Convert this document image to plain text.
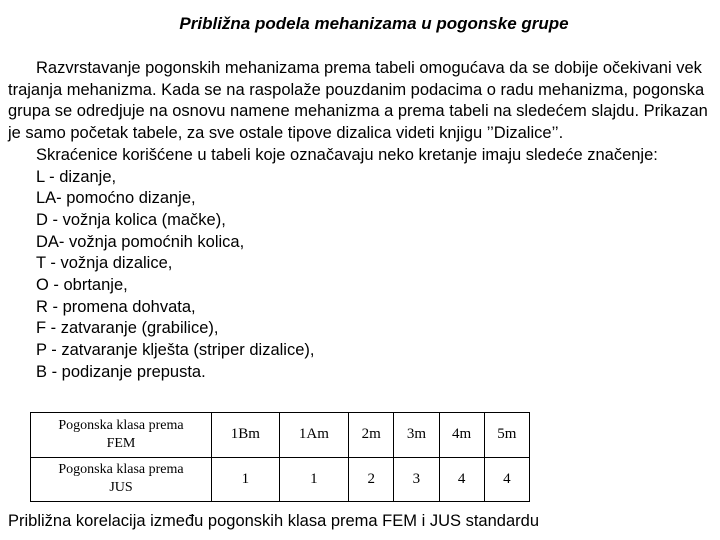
Približna podela mehanizama u pogonske grupe

Razvrstavanje pogonskih mehanizama prema tabeli omogućava da se dobije očekivani vek trajanja mehanizma. Kada se na raspolaže pouzdanim podacima o radu mehanizma, pogonska grupa se odredjuje na osnovu namene mehanizma a prema tabeli na sledećem slajdu. Prikazan je samo početak tabele, za sve ostale tipove dizalica videti knjigu ’’Dizalice’’.

Skraćenice korišćene u tabeli koje označavaju neko kretanje imaju sledeće značenje:

L - dizanje,
LA- pomoćno dizanje,
D - vožnja kolica (mačke),
DA- vožnja pomoćnih kolica,
T - vožnja dizalice,
O - obrtanje,
R - promena dohvata,
F - zatvaranje (grabilice),
P - zatvaranje klješta (striper dizalice),
B - podizanje prepusta.
Pogonska klasa prema
FEM	1Bm	1Am	2m	3m	4m	5m
Pogonska klasa prema
JUS	1	1	2	3	4	4
Približna korelacija između pogonskih klasa prema FEM i JUS standardu
